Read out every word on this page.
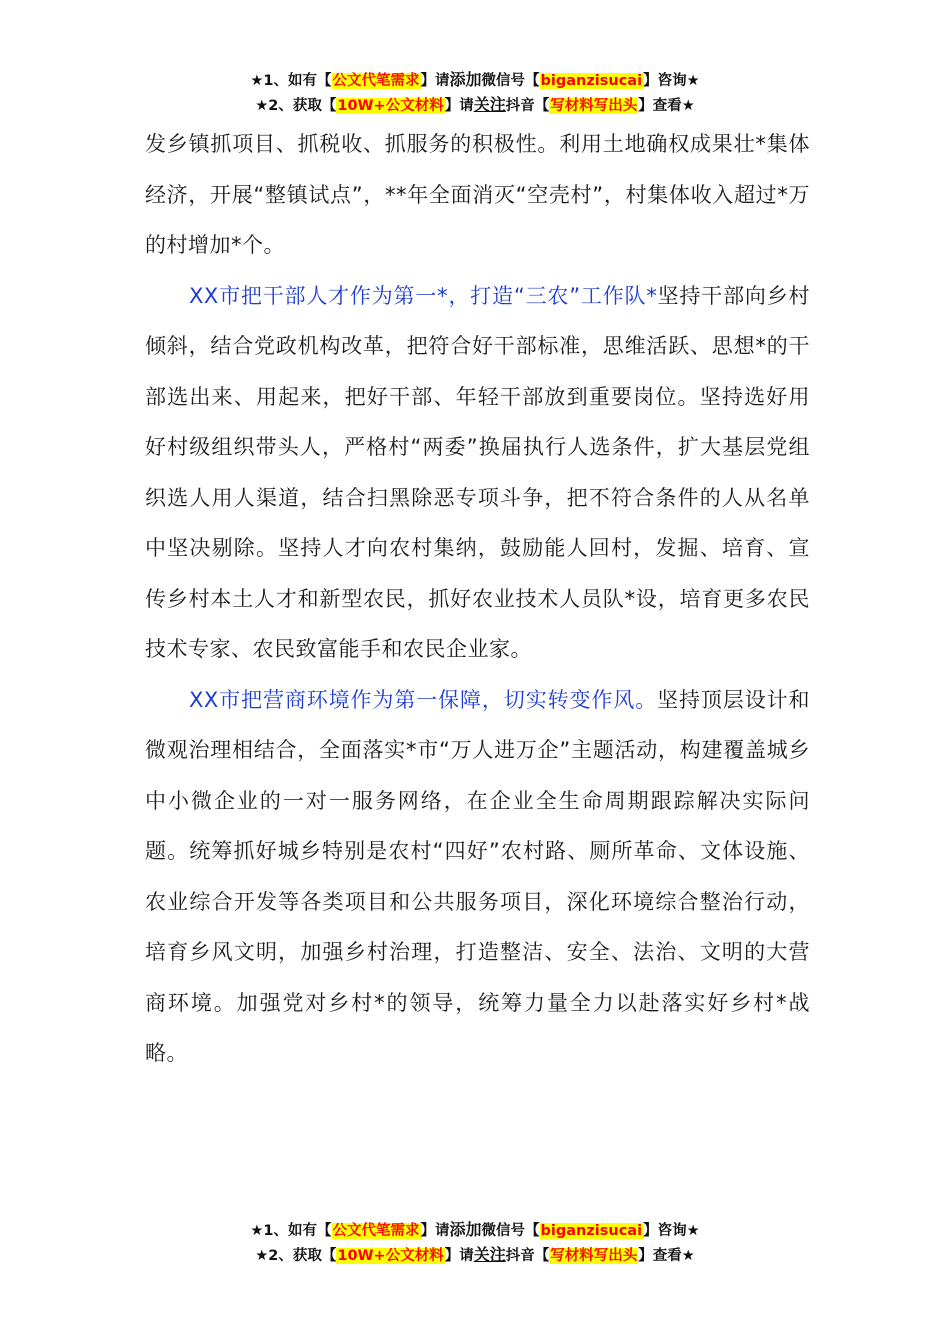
★1、如有【公文代笔需求】请添加微信号【biganzisucai】咨询★
★2、获取【10W+公文材料】请关注抖音【写材料写出头】查看★

发乡镇抓项目、抓税收、抓服务的积极性。利用土地确权成果壮*集体经济，开展“整镇试点”，**年全面消灭“空壳村”，村集体收入超过*万的村增加*个。

XX市把干部人才作为第一*，打造“三农”工作队*坚持干部向乡村倾斜，结合党政机构改革，把符合好干部标准，思维活跃、思想*的干部选出来、用起来，把好干部、年轻干部放到重要岗位。坚持选好用好村级组织带头人，严格村“两委”换届执行人选条件，扩大基层党组织选人用人渠道，结合扫黑除恶专项斗争，把不符合条件的人从名单中坚决剔除。坚持人才向农村集纳，鼓励能人回村，发掘、培育、宣传乡村本土人才和新型农民，抓好农业技术人员队*设，培育更多农民技术专家、农民致富能手和农民企业家。

XX市把营商环境作为第一保障，切实转变作风。坚持顶层设计和微观治理相结合，全面落实*市“万人进万企”主题活动，构建覆盖城乡中小微企业的一对一服务网络，在企业全生命周期跟踪解决实际问题。统筹抓好城乡特别是农村“四好”农村路、厕所革命、文体设施、农业综合开发等各类项目和公共服务项目，深化环境综合整治行动，培育乡风文明，加强乡村治理，打造整洁、安全、法治、文明的大营商环境。加强党对乡村*的领导，统筹力量全力以赴落实好乡村*战略。

★1、如有【公文代笔需求】请添加微信号【biganzisucai】咨询★
★2、获取【10W+公文材料】请关注抖音【写材料写出头】查看★
